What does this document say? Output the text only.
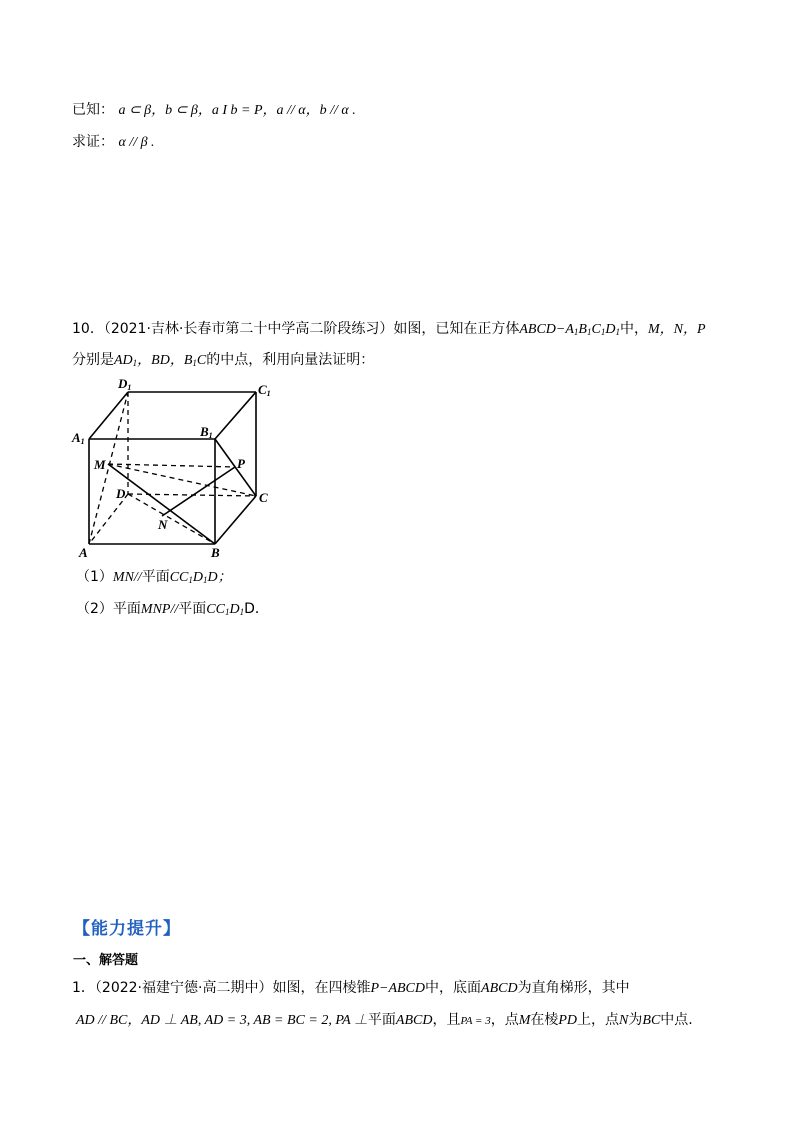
已知： a ⊂ β，b ⊂ β，a I b = P，a // α，b // α .
求证： α // β .
10．（2021·吉林·长春市第二十中学高二阶段练习）如图，已知在正方体$ABCD-A_1B_1C_1D_1$中，M，N，P
分别是$AD_1$，BD，$B_1C$的中点，利用向量法证明：
D1	C1
A1
B1
M	P
D	C
N
A	B
（1）MN//平面$CC_1D_1D$；
（2）平面MNP//平面$CC_1D_1D$．
【能力提升】
一、解答题
1．（2022·福建宁德·高二期中）如图，在四棱锥P−ABCD中，底面ABCD为直角梯形，其中
AD // BC，AD ⊥ AB, AD = 3, AB = BC = 2, PA ⊥平面ABCD，且PA = 3，点M在棱PD上，点N为BC中点.
